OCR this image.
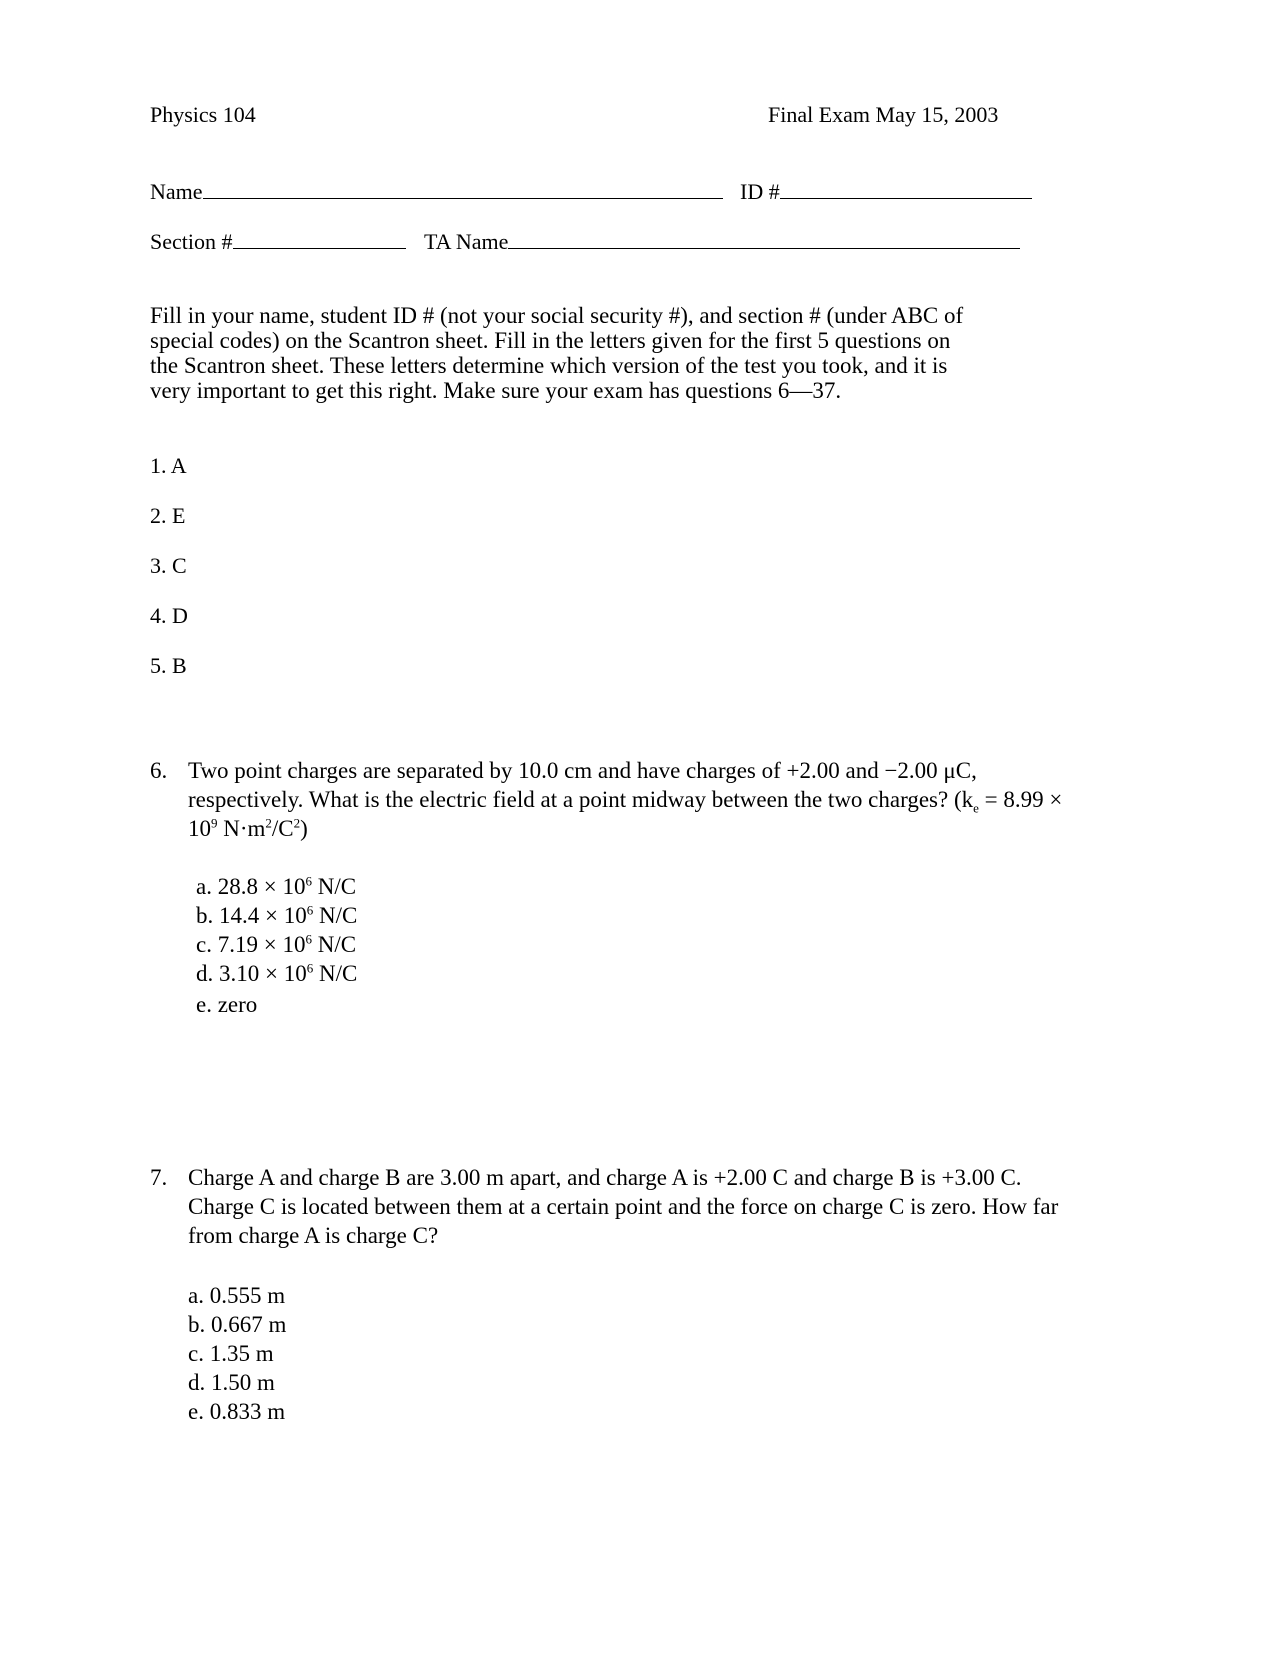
Physics 104	Final Exam May 15, 2003
Name	ID #
Section #	TA Name
Fill in your name, student ID # (not your social security #), and section # (under ABC of
special codes) on the Scantron sheet. Fill in the letters given for the first 5 questions on
the Scantron sheet. These letters determine which version of the test you took, and it is
very important to get this right. Make sure your exam has questions 6—37.
1. A
2. E
3. C
4. D
5. B
6. Two point charges are separated by 10.0 cm and have charges of +2.00 and −2.00 μC,
respectively. What is the electric field at a point midway between the two charges? ($k_e = 8.99$ ×
$10^9$ $N\cdot m^2/C^2$)
a. $28.8 \times 10^6$ N/C
b. $14.4 \times 10^6$ N/C
c. $7.19 \times 10^6$ N/C
d. $3.10 \times 10^6$ N/C
e. zero
7. Charge A and charge B are 3.00 m apart, and charge A is +2.00 C and charge B is +3.00 C.
Charge C is located between them at a certain point and the force on charge C is zero. How far
from charge A is charge C?
a. 0.555 m
b. 0.667 m
c. 1.35 m
d. 1.50 m
e. 0.833 m
